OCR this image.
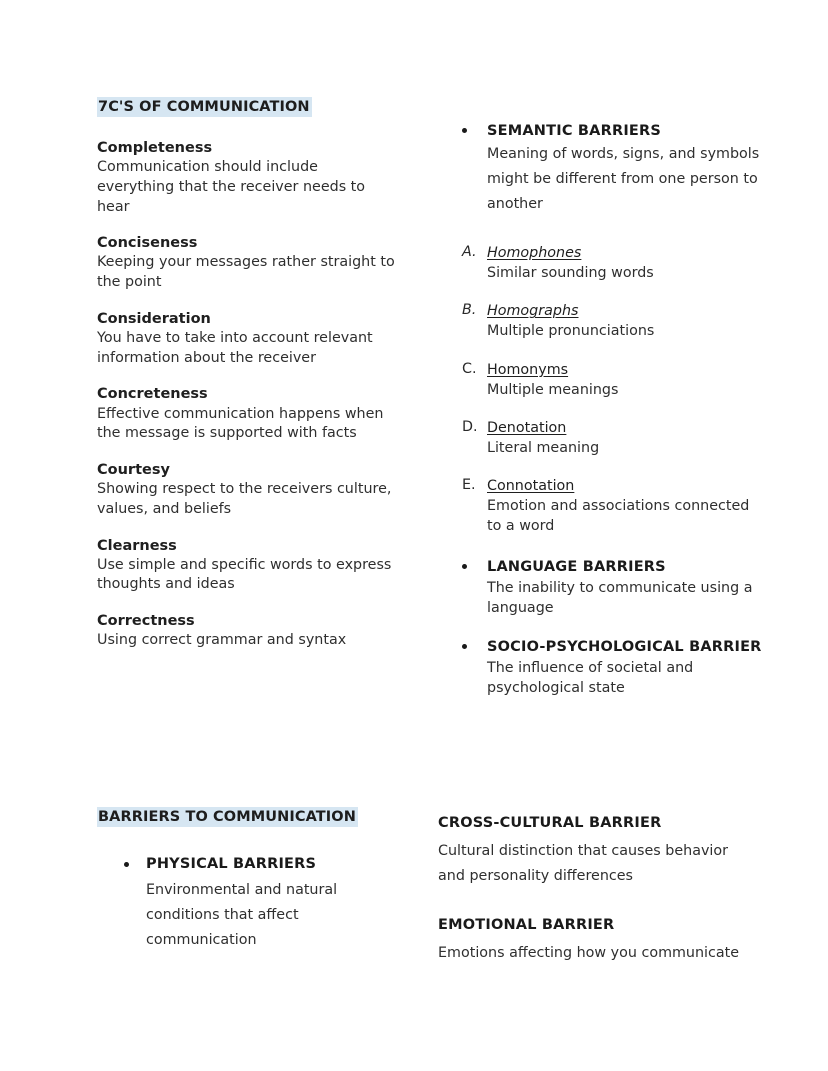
7C'S OF COMMUNICATION

Completeness

Communication should include everything that the receiver needs to hear

Conciseness

Keeping your messages rather straight to the point

Consideration

You have to take into account relevant information about the receiver

Concreteness

Effective communication happens when the message is supported with facts

Courtesy

Showing respect to the receivers culture, values, and beliefs

Clearness

Use simple and specific words to express thoughts and ideas

Correctness

Using correct grammar and syntax

SEMANTIC BARRIERS

Meaning of words, signs, and symbols might be different from one person to another

A. Homophones

Similar sounding words

B. Homographs

Multiple pronunciations

C. Homonyms

Multiple meanings

D. Denotation

Literal meaning

E. Connotation

Emotion and associations connected to a word

LANGUAGE BARRIERS

The inability to communicate using a language

SOCIO-PSYCHOLOGICAL BARRIER

The influence of societal and psychological state

BARRIERS TO COMMUNICATION

PHYSICAL BARRIERS

Environmental and natural conditions that affect communication

CROSS-CULTURAL BARRIER

Cultural distinction that causes behavior and personality differences

EMOTIONAL BARRIER

Emotions affecting how you communicate
